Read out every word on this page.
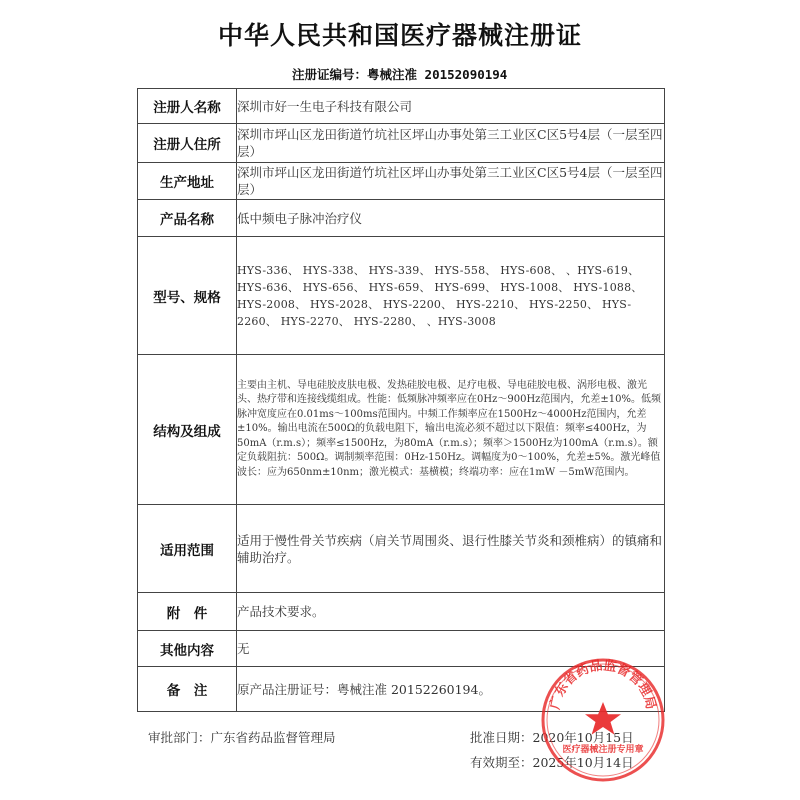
中华人民共和国医疗器械注册证
注册证编号：粤械注准 20152090194
注册人名称	深圳市好一生电子科技有限公司
注册人住所	深圳市坪山区龙田街道竹坑社区坪山办事处第三工业区C区5号4层（一层至四层）
生产地址	深圳市坪山区龙田街道竹坑社区坪山办事处第三工业区C区5号4层（一层至四层）
产品名称	低中频电子脉冲治疗仪
型号、规格	HYS-336、 HYS-338、 HYS-339、 HYS-558、 HYS-608、 、HYS-619、 HYS-636、 HYS-656、 HYS-659、 HYS-699、 HYS-1008、 HYS-1088、 HYS-2008、 HYS-2028、 HYS-2200、 HYS-2210、 HYS-2250、 HYS-2260、 HYS-2270、 HYS-2280、 、HYS-3008
结构及组成	主要由主机、导电硅胶皮肤电极、发热硅胶电极、足疗电极、导电硅胶电极、涡形电极、激光头、热疗带和连接线缆组成。性能：低频脉冲频率应在0Hz～900Hz范围内，允差±10%。低频脉冲宽度应在0.01ms～100ms范围内。中频工作频率应在1500Hz～4000Hz范围内，允差±10%。输出电流在500Ω的负载电阻下，输出电流必须不超过以下限值：频率≤400Hz，为50mA（r.m.s）；频率≤1500Hz，为80mA（r.m.s）；频率＞1500Hz为100mA（r.m.s）。额定负载阻抗：500Ω。调制频率范围：0Hz-150Hz。调幅度为0～100%，允差±5%。激光峰值波长：应为650nm±10nm；激光模式：基横模；终端功率：应在1mW －5mW范围内。
适用范围	适用于慢性骨关节疾病（肩关节周围炎、退行性膝关节炎和颈椎病）的镇痛和辅助治疗。
附　件	产品技术要求。
其他内容	无
备　注	原产品注册证号：粤械注准 20152260194。
审批部门：广东省药品监督管理局	批准日期：2020年10月15日
有效期至：2025年10月14日
广东省药品监督管理局
医疗器械注册专用章
